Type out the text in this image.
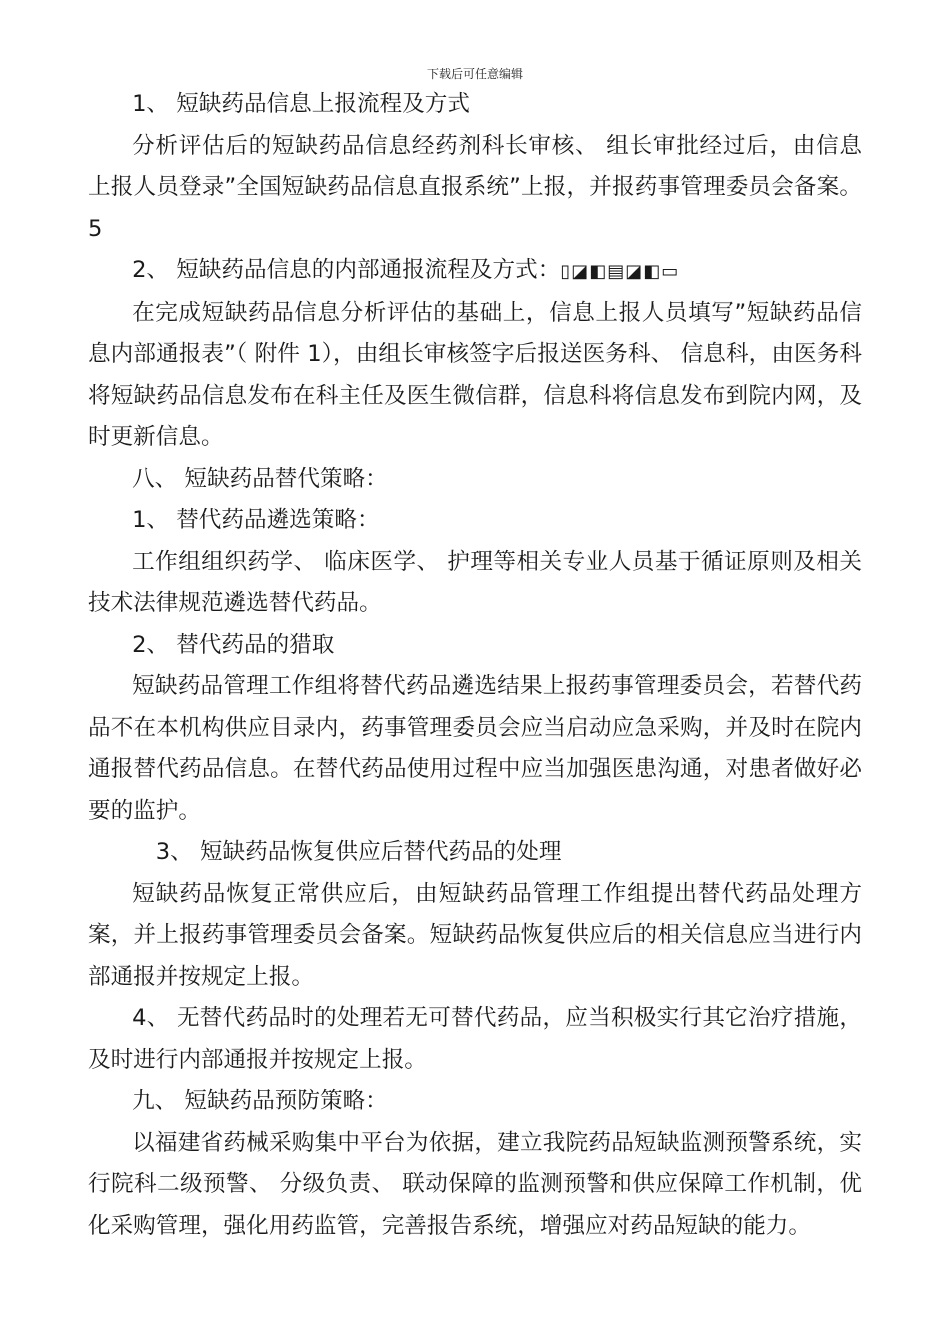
下载后可任意编辑

1、 短缺药品信息上报流程及方式

分析评估后的短缺药品信息经药剂科长审核、 组长审批经过后，由信息上报人员登录”全国短缺药品信息直报系统”上报，并报药事管理委员会备案。5

2、 短缺药品信息的内部通报流程及方式：▯◪◧▤◪◧▭

在完成短缺药品信息分析评估的基础上，信息上报人员填写”短缺药品信息内部通报表”（ 附件 1），由组长审核签字后报送医务科、 信息科，由医务科将短缺药品信息发布在科主任及医生微信群，信息科将信息发布到院内网，及时更新信息。

八、 短缺药品替代策略：

1、 替代药品遴选策略：

工作组组织药学、 临床医学、 护理等相关专业人员基于循证原则及相关技术法律规范遴选替代药品。

2、 替代药品的猎取

短缺药品管理工作组将替代药品遴选结果上报药事管理委员会，若替代药品不在本机构供应目录内，药事管理委员会应当启动应急采购，并及时在院内通报替代药品信息。在替代药品使用过程中应当加强医患沟通，对患者做好必要的监护。

3、 短缺药品恢复供应后替代药品的处理

短缺药品恢复正常供应后，由短缺药品管理工作组提出替代药品处理方案，并上报药事管理委员会备案。短缺药品恢复供应后的相关信息应当进行内部通报并按规定上报。

4、 无替代药品时的处理若无可替代药品，应当积极实行其它治疗措施，及时进行内部通报并按规定上报。

九、 短缺药品预防策略：

以福建省药械采购集中平台为依据，建立我院药品短缺监测预警系统，实行院科二级预警、 分级负责、 联动保障的监测预警和供应保障工作机制，优化采购管理，强化用药监管，完善报告系统，增强应对药品短缺的能力。
